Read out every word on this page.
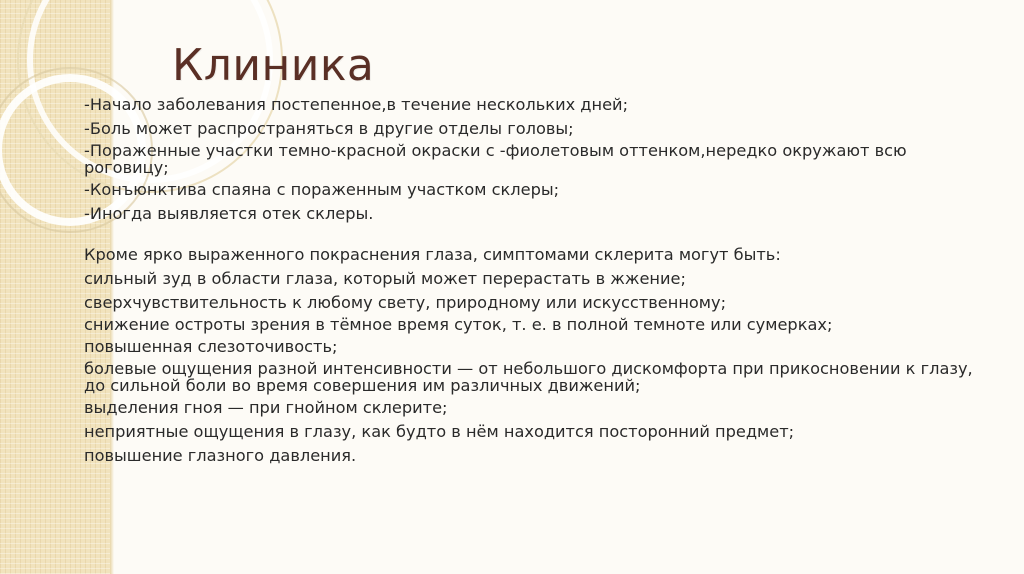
Клиника

-Начало заболевания постепенное,в течение нескольких дней;

-Боль может распространяться в другие отделы головы;

-Пораженные участки темно-красной окраски с -фиолетовым оттенком,нередко окружают всю роговицу;

-Конъюнктива спаяна с пораженным участком склеры;

-Иногда выявляется отек склеры.

Кроме ярко выраженного покраснения глаза, симптомами склерита могут быть:

сильный зуд в области глаза, который может перерастать в жжение;

сверхчувствительность к любому свету, природному или искусственному;

снижение остроты зрения в тёмное время суток, т. е. в полной темноте или сумерках;

повышенная слезоточивость;

болевые ощущения разной интенсивности — от небольшого дискомфорта при прикосновении к глазу, до сильной боли во время совершения им различных движений;

выделения гноя — при гнойном склерите;

неприятные ощущения в глазу, как будто в нём находится посторонний предмет;

повышение глазного давления.
